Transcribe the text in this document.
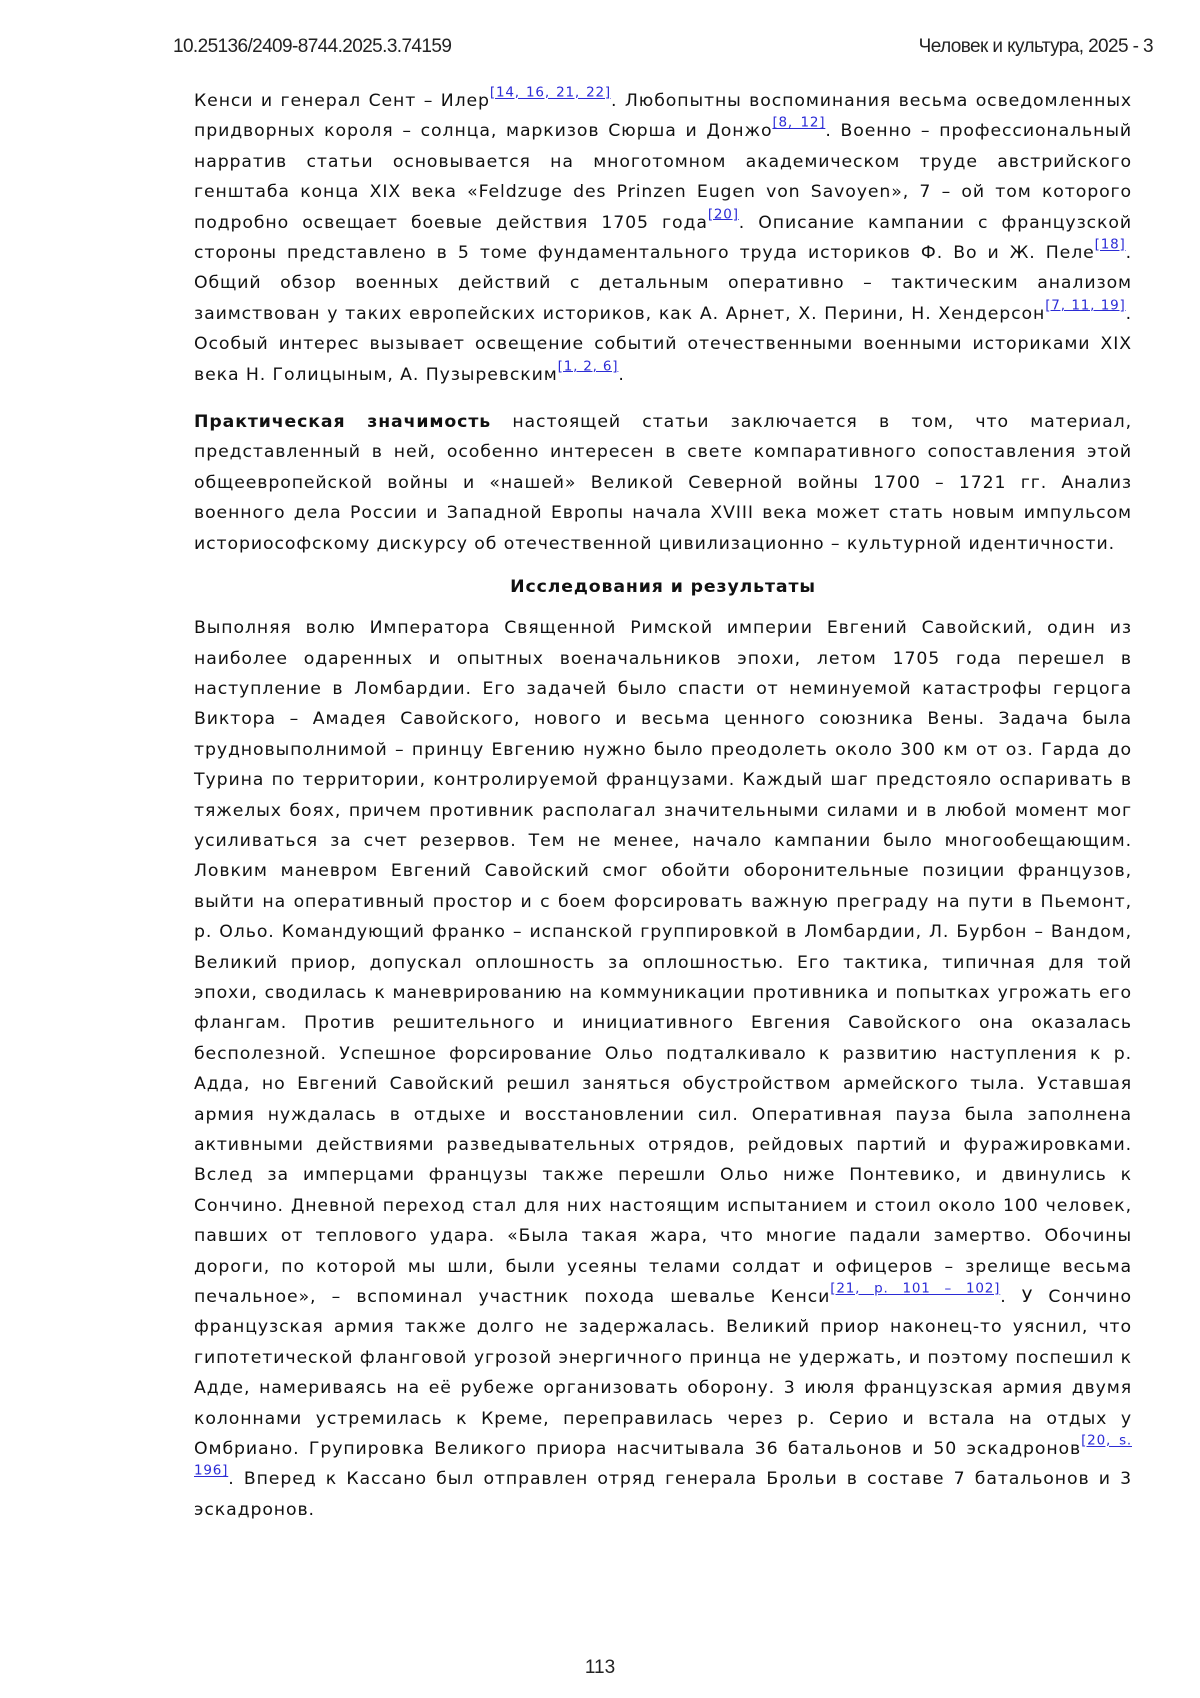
10.25136/2409-8744.2025.3.74159	Человек и культура, 2025 - 3

Кенси и генерал Сент – Илер[14, 16, 21, 22]. Любопытны воспоминания весьма осведомленных придворных короля – солнца, маркизов Сюрша и Донжо[8, 12]. Военно – профессиональный нарратив статьи основывается на многотомном академическом труде австрийского генштаба конца XIX века «Feldzuge des Prinzen Eugen von Savoyen», 7 – ой том которого подробно освещает боевые действия 1705 года[20]. Описание кампании с французской стороны представлено в 5 томе фундаментального труда историков Ф. Во и Ж. Пеле[18]. Общий обзор военных действий с детальным оперативно – тактическим анализом заимствован у таких европейских историков, как А. Арнет, Х. Перини, Н. Хендерсон[7, 11, 19]. Особый интерес вызывает освещение событий отечественными военными историками XIX века Н. Голицыным, А. Пузыревским[1, 2, 6].

Практическая значимость настоящей статьи заключается в том, что материал, представленный в ней, особенно интересен в свете компаративного сопоставления этой общеевропейской войны и «нашей» Великой Северной войны 1700 – 1721 гг. Анализ военного дела России и Западной Европы начала XVIII века может стать новым импульсом историософскому дискурсу об отечественной цивилизационно – культурной идентичности.

Исследования и результаты

Выполняя волю Императора Священной Римской империи Евгений Савойский, один из наиболее одаренных и опытных военачальников эпохи, летом 1705 года перешел в наступление в Ломбардии. Его задачей было спасти от неминуемой катастрофы герцога Виктора – Амадея Савойского, нового и весьма ценного союзника Вены. Задача была трудновыполнимой – принцу Евгению нужно было преодолеть около 300 км от оз. Гарда до Турина по территории, контролируемой французами. Каждый шаг предстояло оспаривать в тяжелых боях, причем противник располагал значительными силами и в любой момент мог усиливаться за счет резервов. Тем не менее, начало кампании было многообещающим. Ловким маневром Евгений Савойский смог обойти оборонительные позиции французов, выйти на оперативный простор и с боем форсировать важную преграду на пути в Пьемонт, р. Ольо. Командующий франко – испанской группировкой в Ломбардии, Л. Бурбон – Вандом, Великий приор, допускал оплошность за оплошностью. Его тактика, типичная для той эпохи, сводилась к маневрированию на коммуникации противника и попытках угрожать его флангам. Против решительного и инициативного Евгения Савойского она оказалась бесполезной. Успешное форсирование Ольо подталкивало к развитию наступления к р. Адда, но Евгений Савойский решил заняться обустройством армейского тыла. Уставшая армия нуждалась в отдыхе и восстановлении сил. Оперативная пауза была заполнена активными действиями разведывательных отрядов, рейдовых партий и фуражировками. Вслед за имперцами французы также перешли Ольо ниже Понтевико, и двинулись к Сончино. Дневной переход стал для них настоящим испытанием и стоил около 100 человек, павших от теплового удара. «Была такая жара, что многие падали замертво. Обочины дороги, по которой мы шли, были усеяны телами солдат и офицеров – зрелище весьма печальное», – вспоминал участник похода шевалье Кенси[21, p. 101 – 102]. У Сончино французская армия также долго не задержалась. Великий приор наконец-то уяснил, что гипотетической фланговой угрозой энергичного принца не удержать, и поэтому поспешил к Адде, намериваясь на её рубеже организовать оборону. 3 июля французская армия двумя колоннами устремилась к Креме, переправилась через р. Серио и встала на отдых у Омбриано. Групировка Великого приора насчитывала 36 батальонов и 50 эскадронов[20, s. 196]. Вперед к Кассано был отправлен отряд генерала Брольи в составе 7 батальонов и 3 эскадронов.

113
